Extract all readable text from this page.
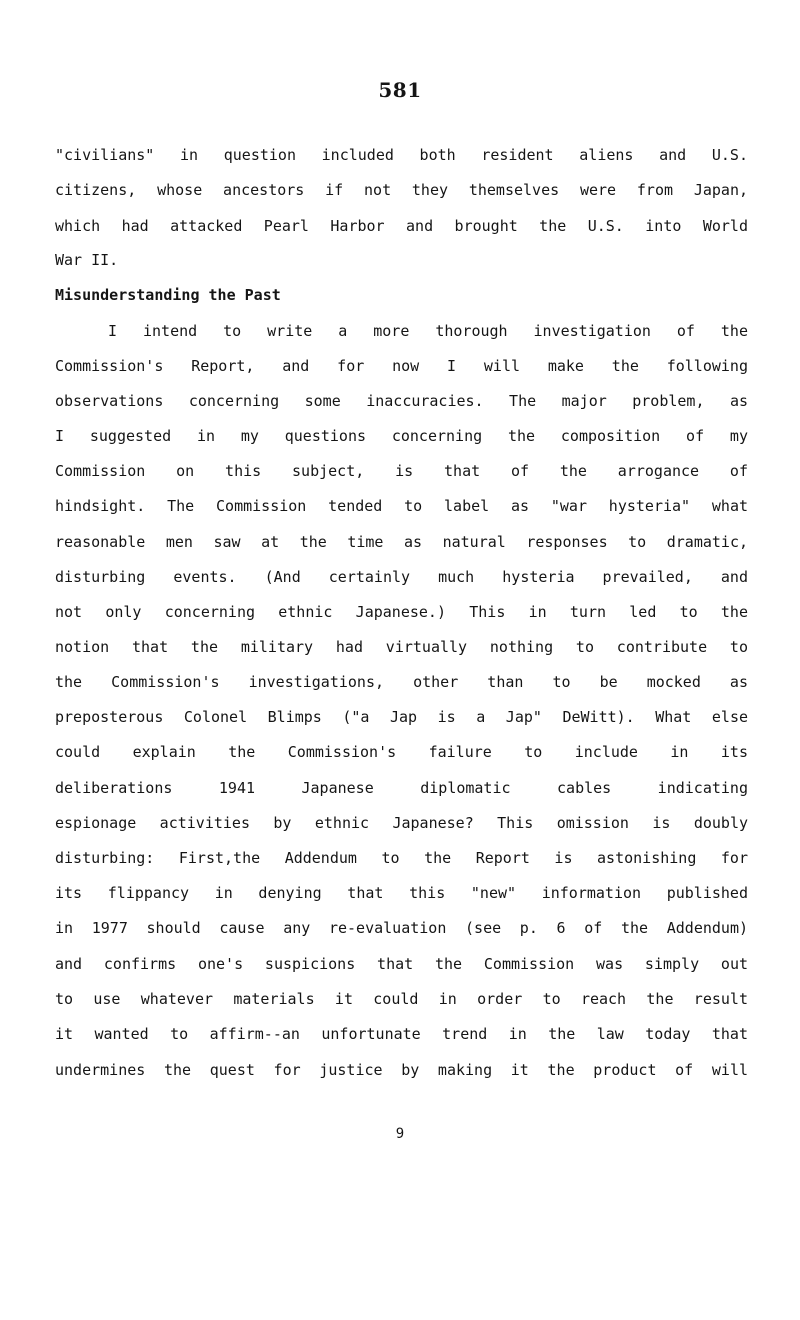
581
"civilians" in question included both resident aliens and U.S.
citizens, whose ancestors if not they themselves were from Japan,
which had attacked Pearl Harbor and brought the U.S. into World
War II.
Misunderstanding the Past
I intend to write a more thorough investigation of the
Commission's Report, and for now I will make the following
observations concerning some inaccuracies. The major problem, as
I suggested in my questions concerning the composition of my
Commission on this subject, is that of the arrogance of
hindsight. The Commission tended to label as "war hysteria" what
reasonable men saw at the time as natural responses to dramatic,
disturbing events. (And certainly much hysteria prevailed, and
not only concerning ethnic Japanese.) This in turn led to the
notion that the military had virtually nothing to contribute to
the Commission's investigations, other than to be mocked as
preposterous Colonel Blimps ("a Jap is a Jap" DeWitt). What else
could explain the Commission's failure to include in its
deliberations 1941 Japanese diplomatic cables indicating
espionage activities by ethnic Japanese? This omission is doubly
disturbing: First,the Addendum to the Report is astonishing for
its flippancy in denying that this "new" information published
in 1977 should cause any re-evaluation (see p. 6 of the Addendum)
and confirms one's suspicions that the Commission was simply out
to use whatever materials it could in order to reach the result
it wanted to affirm--an unfortunate trend in the law today that
undermines the quest for justice by making it the product of will
9
